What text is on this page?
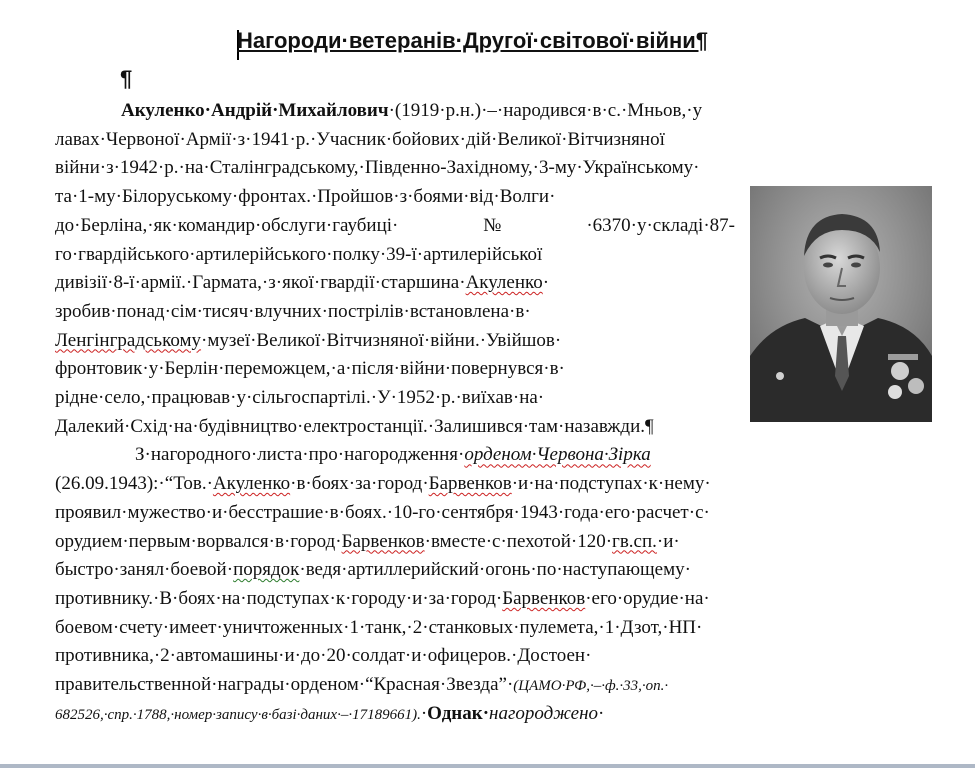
Нагороди·ветеранів·Другої·світової·війни¶
¶
Акуленко·Андрій·Михайлович·(1919·р.н.)·–·народився·в·с.·Мньов,·у
лавах·Червоної·Армії·з·1941·р.·Учасник·бойових·дій·Великої·Вітчизняної
війни·з·1942·р.·на·Сталінградському,·Південно-Західному,·3-му·Українському·
та·1-му·Білоруському·фронтах.·Пройшов·з·боями·від·Волги·
до·Берліна,·як·командир·обслуги·гаубиці·№·6370·у·складі·87-
го·гвардійського·артилерійського·полку·39-ї·артилерійської
дивізії·8-ї·армії.·Гармата,·з·якої·гвардії·старшина·Акуленко·
зробив·понад·сім·тисяч·влучних·пострілів·встановлена·в·
Ленгінградському·музеї·Великої·Вітчизняної·війни.·Увійшов·
фронтовик·у·Берлін·переможцем,·а·після·війни·повернувся·в·
рідне·село,·працював·у·сільгоспартілі.·У·1952·р.·виїхав·на·
Далекий·Схід·на·будівництво·електростанції.·Залишився·там·назавжди.¶
З·нагородного·листа·про·нагородження·орденом·Червона·Зірка
(26.09.1943):·“Тов.·Акуленко·в·боях·за·город·Барвенков·и·на·подступах·к·нему·
проявил·мужество·и·бесстрашие·в·боях.·10-го·сентября·1943·года·его·расчет·с·
орудием·первым·ворвался·в·город·Барвенков·вместе·с·пехотой·120·гв.сп.·и·
быстро·занял·боевой·порядок·ведя·артиллерийский·огонь·по·наступающему·
противнику.·В·боях·на·подступах·к·городу·и·за·город·Барвенков·его·орудие·на·
боевом·счету·имеет·уничтоженных·1·танк,·2·станковых·пулемета,·1·Дзот,·НП·
противника,·2·автомашины·и·до·20·солдат·и·офицеров.·Достоен·
правительственной·награды·орденом·“Красная·Звезда”·(ЦАМО·РФ,·–·ф.·33,·оп.·
682526,·спр.·1788,·номер·запису·в·базі·даних·–·17189661).·Однак·нагороджено·
